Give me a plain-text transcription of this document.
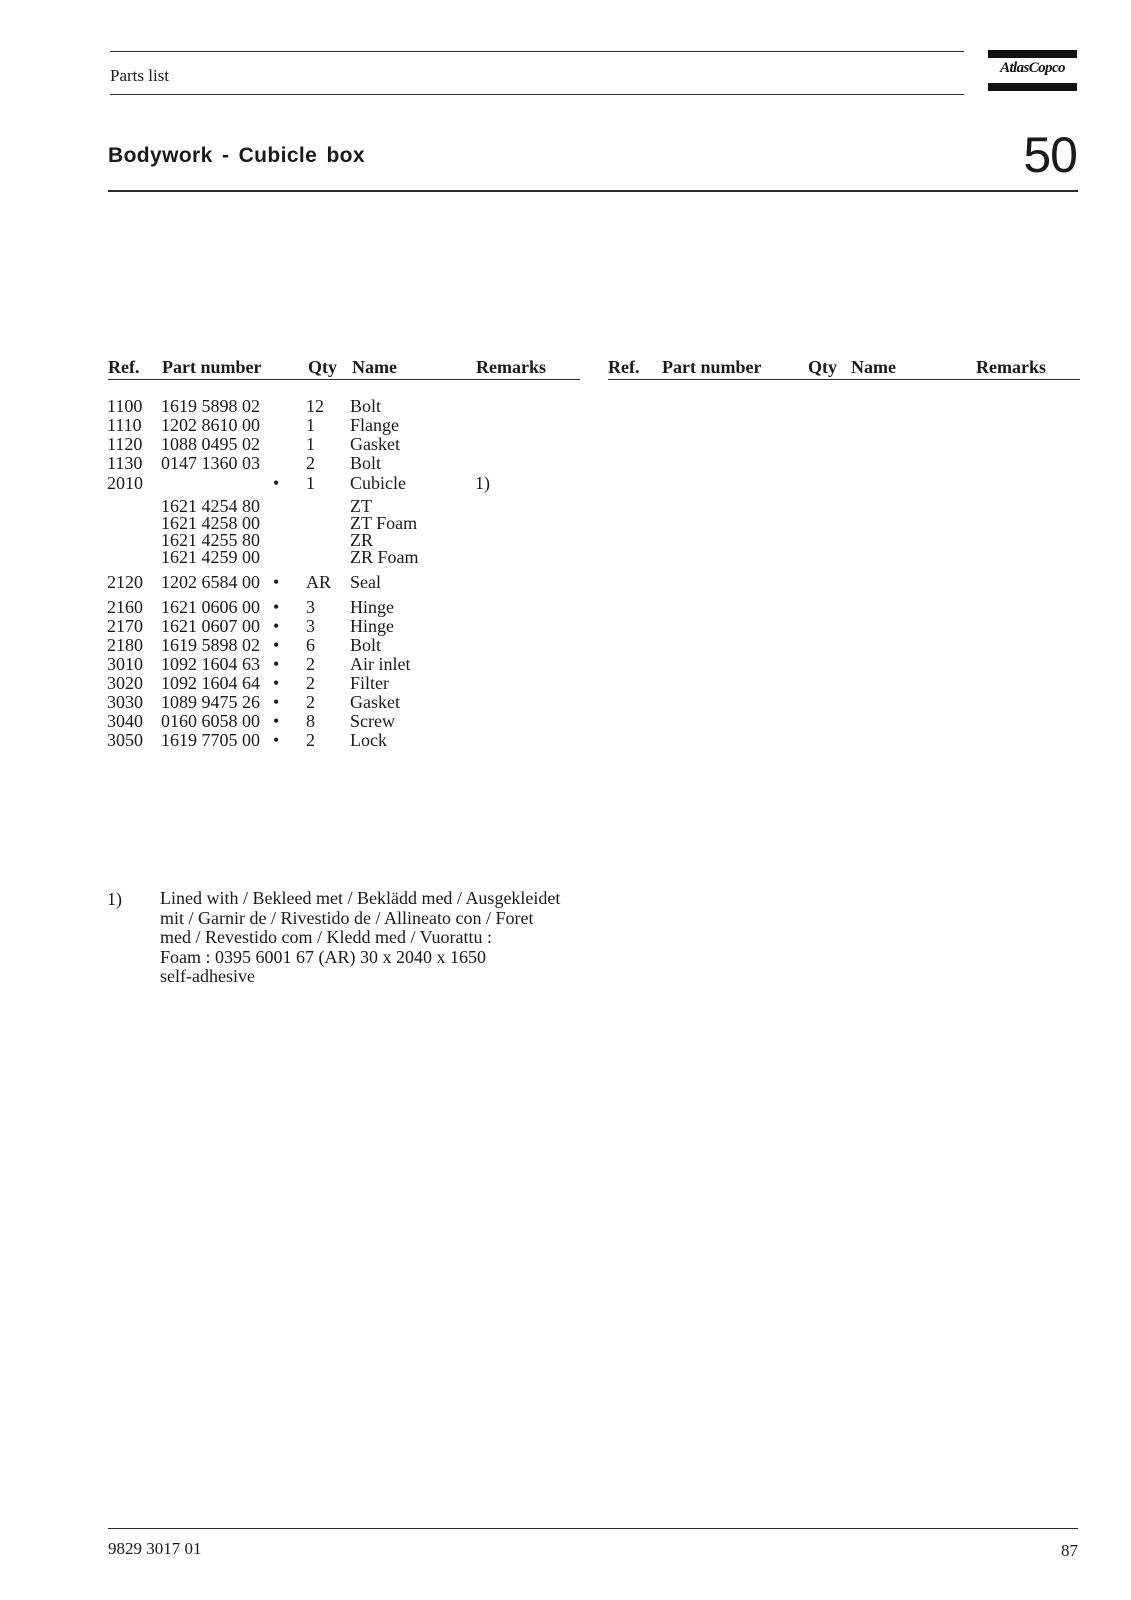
Parts list	AtlasCopco
Bodywork - Cubicle box	50
Ref. Part number	Qty Name	Remarks	Ref. Part number	Qty Name	Remarks
1100 1619 5898 02	12 Bolt
1110 1202 8610 00	1 Flange
1120 1088 0495 02	1 Gasket
1130 0147 1360 03	2 Bolt
2010	• 1 Cubicle	1)
1621 4254 80	ZT
1621 4258 00	ZT Foam
1621 4255 80	ZR
1621 4259 00	ZR Foam
2120 1202 6584 00 • AR Seal
2160 1621 0606 00 • 3 Hinge
2170 1621 0607 00 • 3 Hinge
2180 1619 5898 02 • 6 Bolt
3010 1092 1604 63 • 2 Air inlet
3020 1092 1604 64 • 2 Filter
3030 1089 9475 26 • 2 Gasket
3040 0160 6058 00 • 8 Screw
3050 1619 7705 00 • 2 Lock
1) Lined with / Bekleed met / Beklädd med / Ausgekleidet
mit / Garnir de / Rivestido de / Allineato con / Foret
med / Revestido com / Kledd med / Vuorattu :
Foam : 0395 6001 67 (AR) 30 x 2040 x 1650
self-adhesive
9829 3017 01	87
